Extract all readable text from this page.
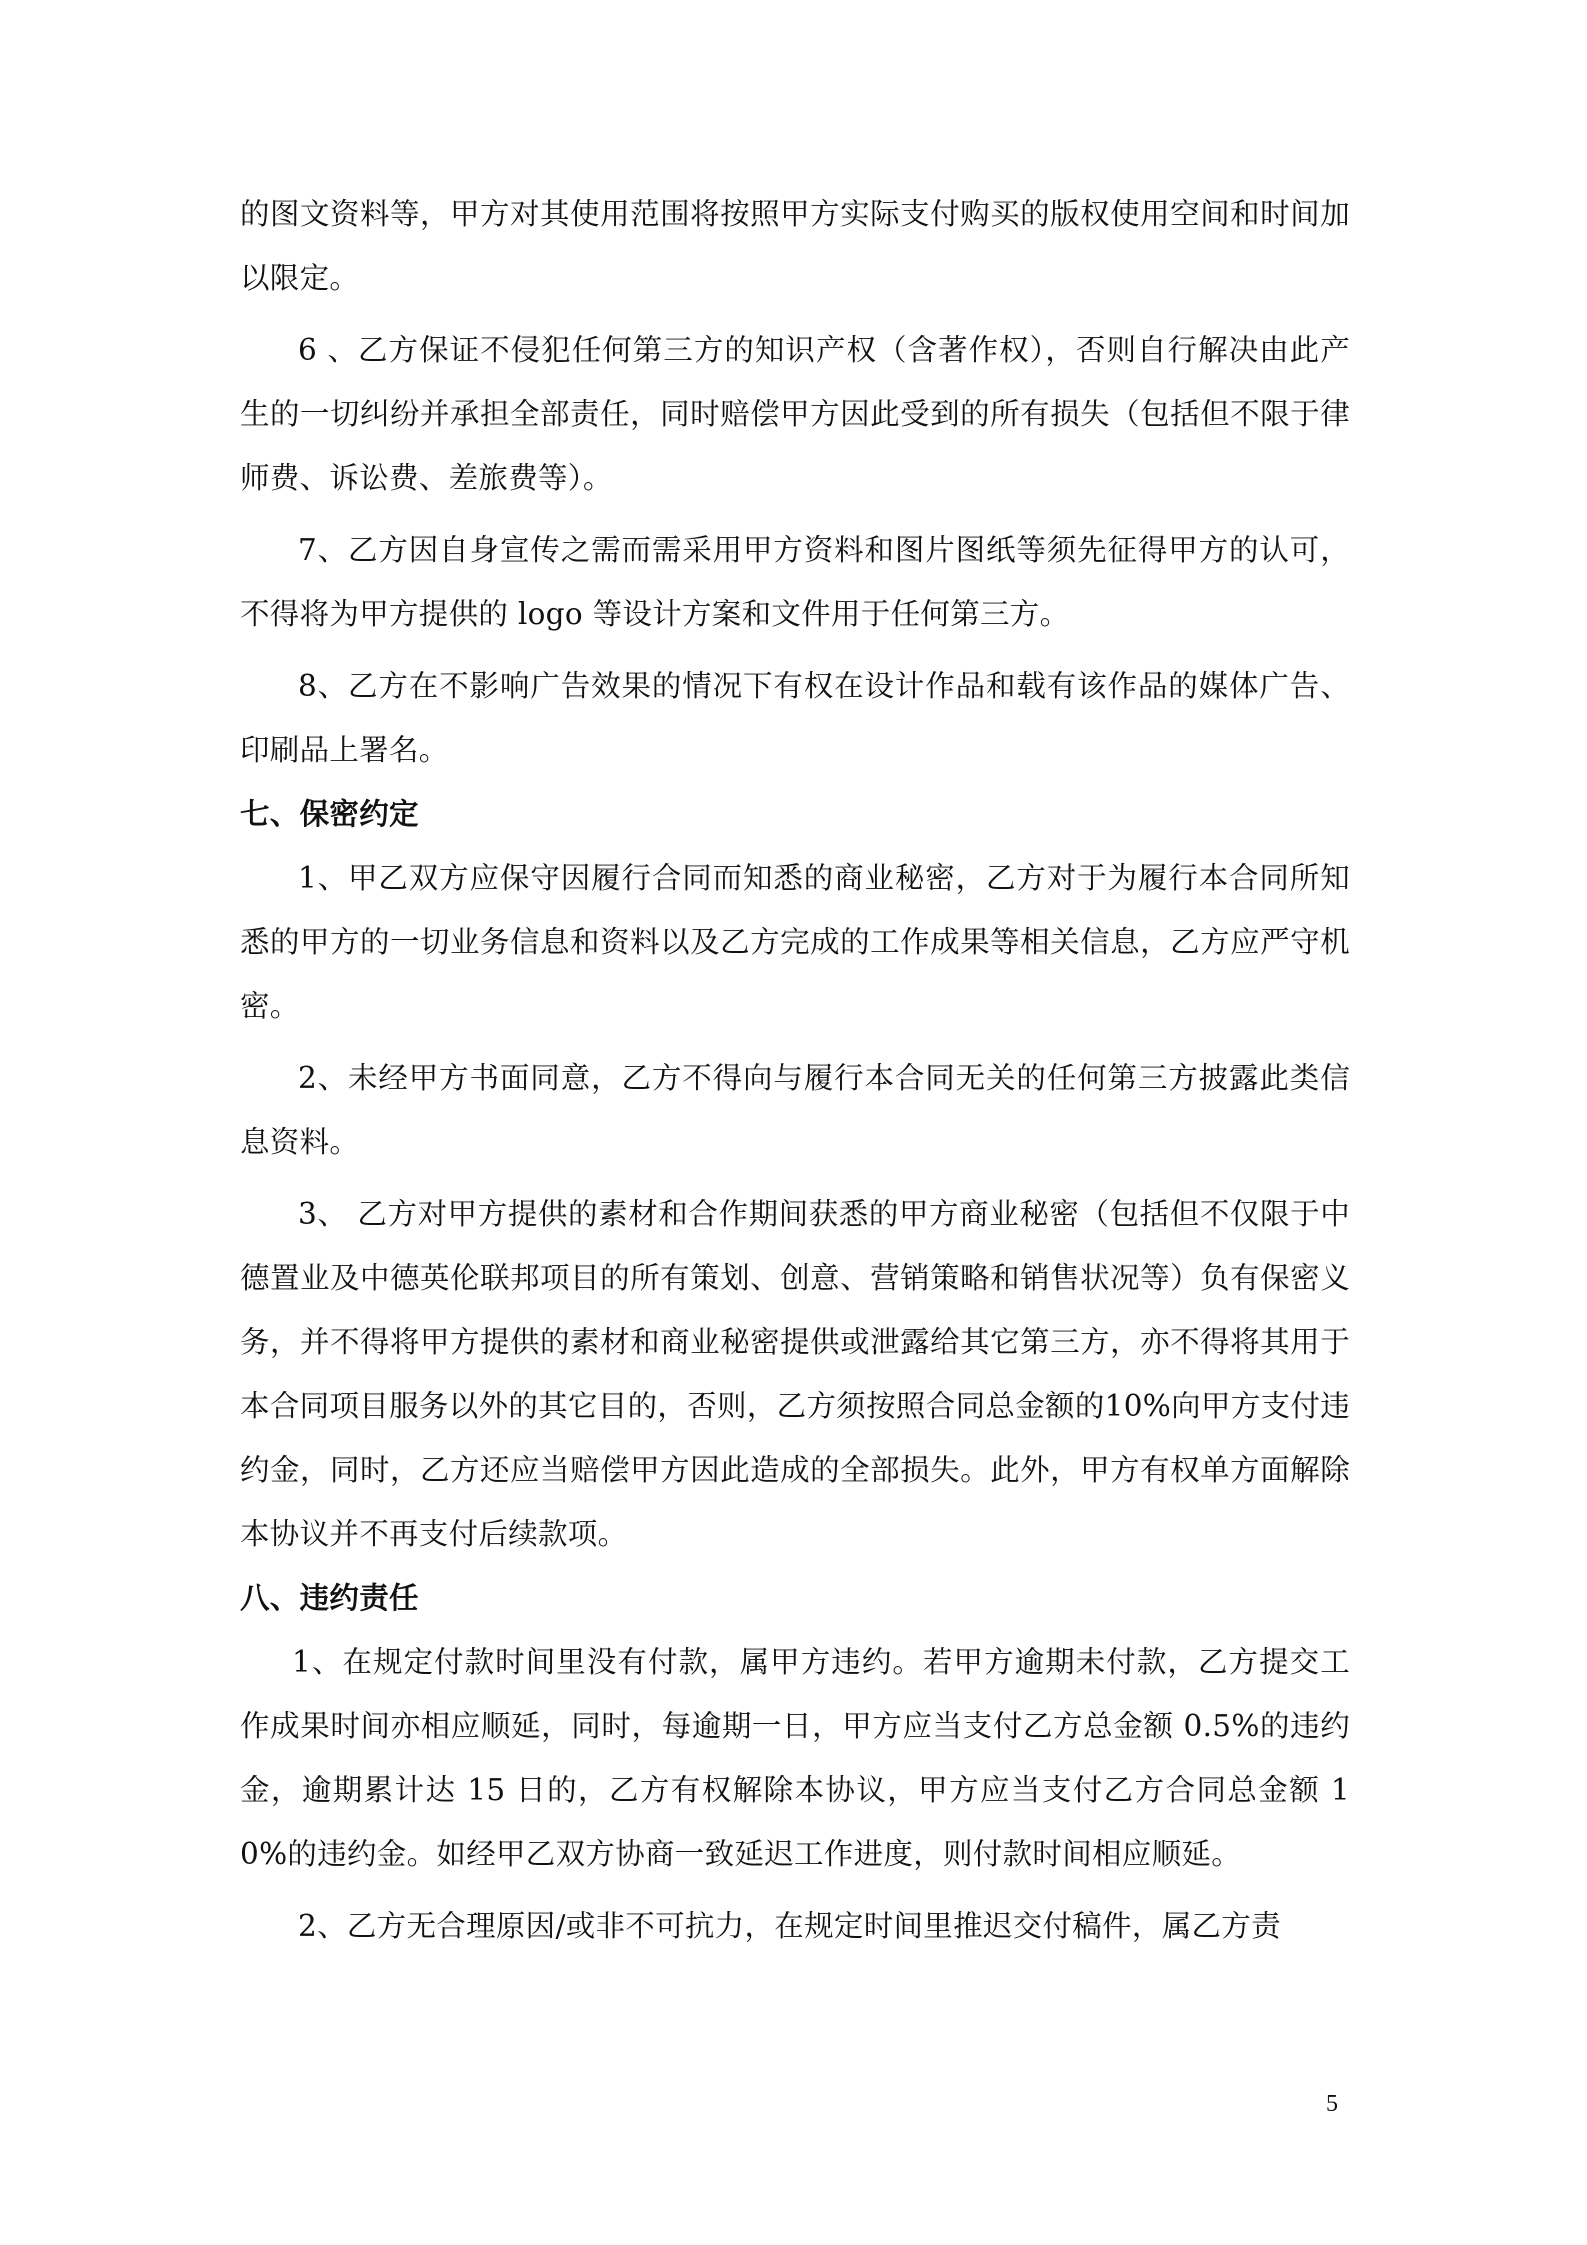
的图文资料等，甲方对其使用范围将按照甲方实际支付购买的版权使用空间和时间加以限定。

6 、乙方保证不侵犯任何第三方的知识产权（含著作权），否则自行解决由此产生的一切纠纷并承担全部责任，同时赔偿甲方因此受到的所有损失（包括但不限于律师费、诉讼费、差旅费等）。

7、乙方因自身宣传之需而需采用甲方资料和图片图纸等须先征得甲方的认可，不得将为甲方提供的 logo 等设计方案和文件用于任何第三方。

8、乙方在不影响广告效果的情况下有权在设计作品和载有该作品的媒体广告、印刷品上署名。

七、保密约定

1、甲乙双方应保守因履行合同而知悉的商业秘密，乙方对于为履行本合同所知悉的甲方的一切业务信息和资料以及乙方完成的工作成果等相关信息，乙方应严守机密。

2、未经甲方书面同意，乙方不得向与履行本合同无关的任何第三方披露此类信息资料。

3、 乙方对甲方提供的素材和合作期间获悉的甲方商业秘密（包括但不仅限于中德置业及中德英伦联邦项目的所有策划、创意、营销策略和销售状况等）负有保密义务，并不得将甲方提供的素材和商业秘密提供或泄露给其它第三方，亦不得将其用于本合同项目服务以外的其它目的，否则，乙方须按照合同总金额的10%向甲方支付违约金，同时，乙方还应当赔偿甲方因此造成的全部损失。此外，甲方有权单方面解除本协议并不再支付后续款项。

八、违约责任

1、在规定付款时间里没有付款，属甲方违约。若甲方逾期未付款，乙方提交工作成果时间亦相应顺延，同时，每逾期一日，甲方应当支付乙方总金额 0.5%的违约金，逾期累计达 15 日的，乙方有权解除本协议，甲方应当支付乙方合同总金额 10%的违约金。如经甲乙双方协商一致延迟工作进度，则付款时间相应顺延。

2、乙方无合理原因/或非不可抗力，在规定时间里推迟交付稿件，属乙方责

5
